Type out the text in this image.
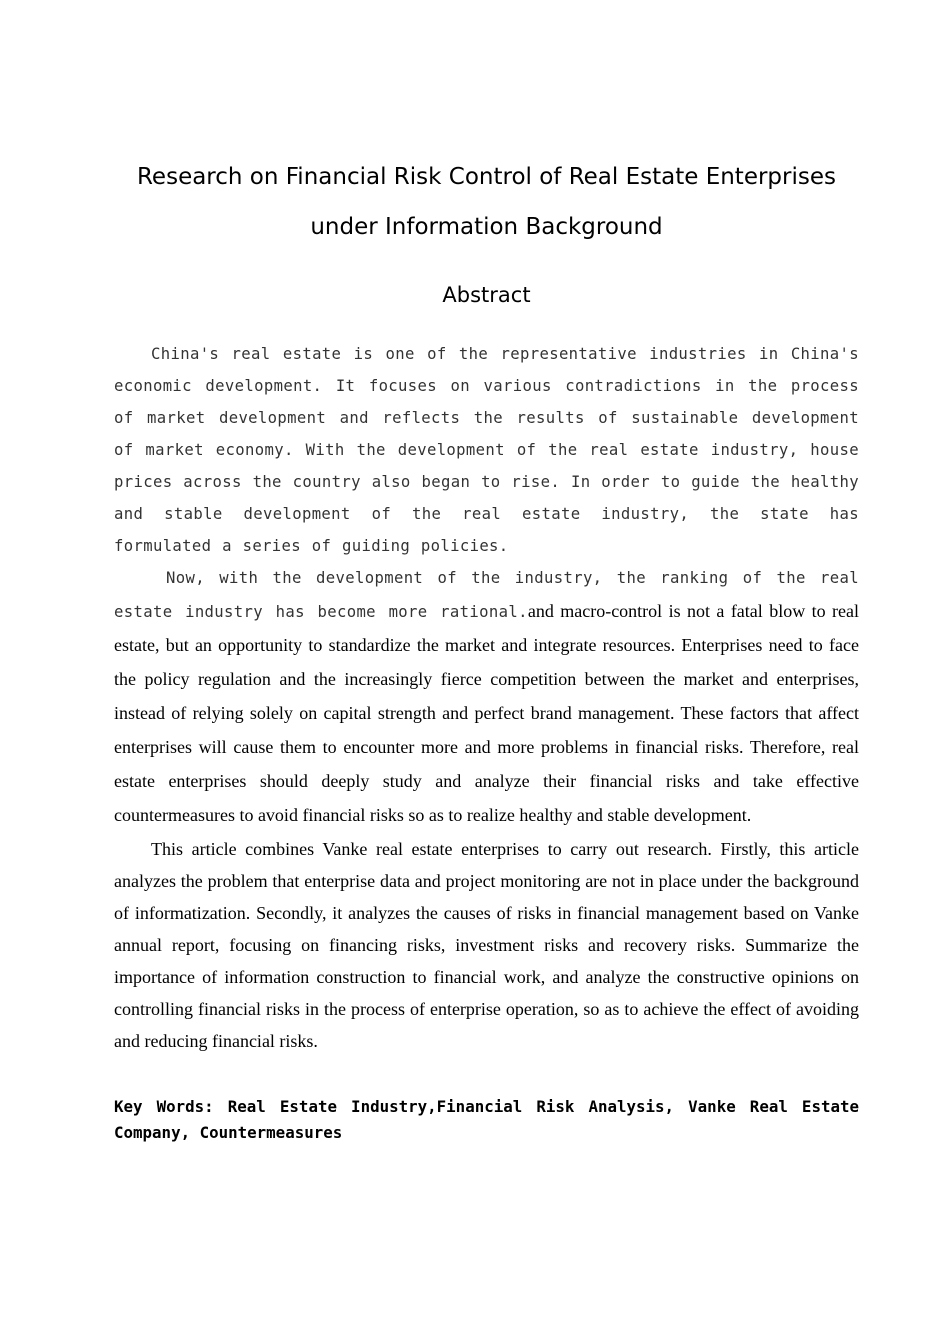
Research on Financial Risk Control of Real Estate Enterprises under Information Background
Abstract

China's real estate is one of the representative industries in China's economic development. It focuses on various contradictions in the process of market development and reflects the results of sustainable development of market economy. With the development of the real estate industry, house prices across the country also began to rise. In order to guide the healthy and stable development of the real estate industry, the state has formulated a series of guiding policies.

Now, with the development of the industry, the ranking of the real estate industry has become more rational.and macro-control is not a fatal blow to real estate, but an opportunity to standardize the market and integrate resources. Enterprises need to face the policy regulation and the increasingly fierce competition between the market and enterprises, instead of relying solely on capital strength and perfect brand management. These factors that affect enterprises will cause them to encounter more and more problems in financial risks. Therefore, real estate enterprises should deeply study and analyze their financial risks and take effective countermeasures to avoid financial risks so as to realize healthy and stable development.

This article combines Vanke real estate enterprises to carry out research. Firstly, this article analyzes the problem that enterprise data and project monitoring are not in place under the background of informatization. Secondly, it analyzes the causes of risks in financial management based on Vanke annual report, focusing on financing risks, investment risks and recovery risks. Summarize the importance of information construction to financial work, and analyze the constructive opinions on controlling financial risks in the process of enterprise operation, so as to achieve the effect of avoiding and reducing financial risks.

Key Words: Real Estate Industry,Financial Risk Analysis, Vanke Real Estate Company, Countermeasures
